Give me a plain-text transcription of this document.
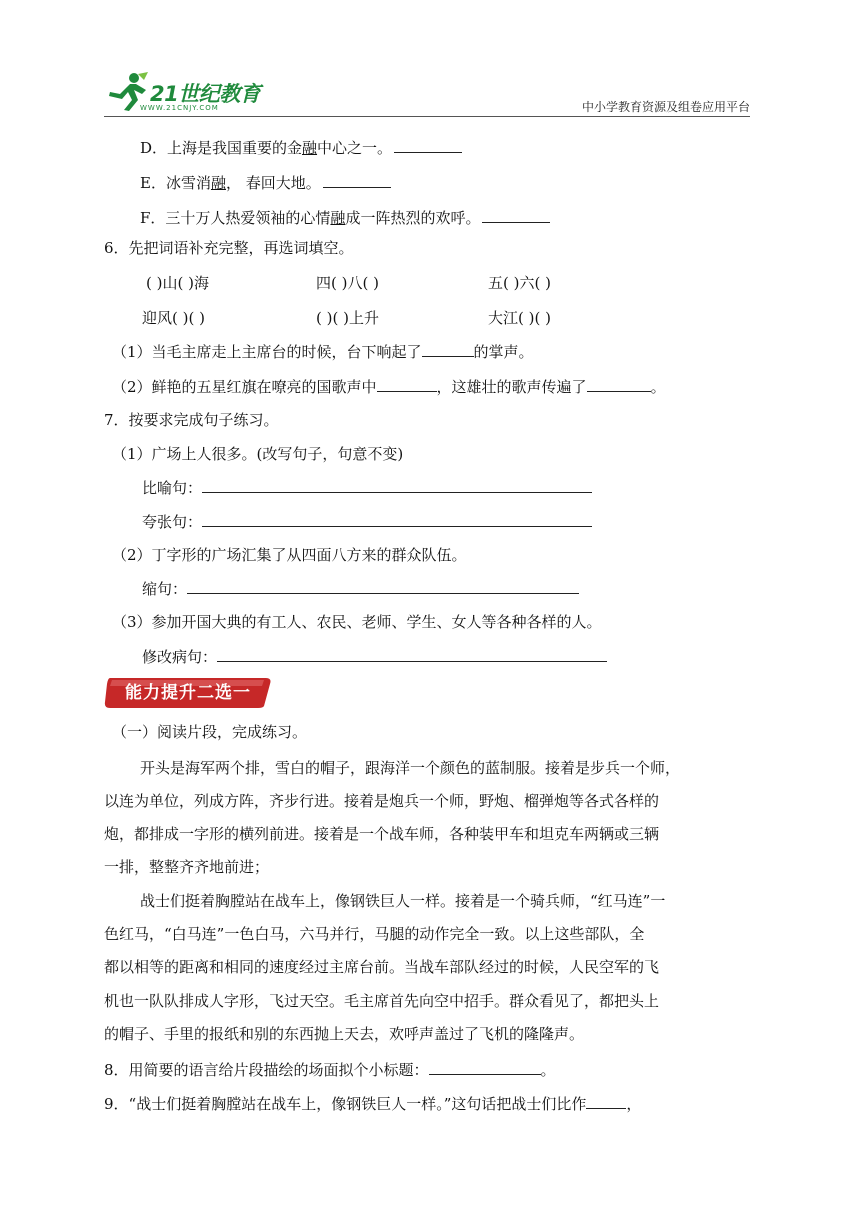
21世纪教育
WWW.21CNJY.COM	中小学教育资源及组卷应用平台
D．上海是我国重要的金融中心之一。
E．冰雪消融， 春回大地。
F．三十万人热爱领袖的心情融成一阵热烈的欢呼。
6．先把词语补充完整，再选词填空。
( )山( )海	四( )八( )	五( )六( )
迎风( )( )	( )( )上升	大江( )( )
（1）当毛主席走上主席台的时候，台下响起了	的掌声。
（2）鲜艳的五星红旗在嘹亮的国歌声中	，这雄壮的歌声传遍了	。
7．按要求完成句子练习。
（1）广场上人很多。(改写句子，句意不变)
比喻句：
夸张句：
（2）丁字形的广场汇集了从四面八方来的群众队伍。
缩句：
（3）参加开国大典的有工人、农民、老师、学生、女人等各种各样的人。
修改病句：
能力提升二选一
（一）阅读片段，完成练习。
开头是海军两个排，雪白的帽子，跟海洋一个颜色的蓝制服。接着是步兵一个师，
以连为单位，列成方阵，齐步行进。接着是炮兵一个师，野炮、榴弹炮等各式各样的
炮，都排成一字形的横列前进。接着是一个战车师，各种装甲车和坦克车两辆或三辆
一排，整整齐齐地前进；
战士们挺着胸膛站在战车上，像钢铁巨人一样。接着是一个骑兵师，“红马连”一
色红马，“白马连”一色白马，六马并行，马腿的动作完全一致。以上这些部队，全
都以相等的距离和相同的速度经过主席台前。当战车部队经过的时候，人民空军的飞
机也一队队排成人字形，飞过天空。毛主席首先向空中招手。群众看见了，都把头上
的帽子、手里的报纸和别的东西抛上天去，欢呼声盖过了飞机的隆隆声。
8．用简要的语言给片段描绘的场面拟个小标题：	。
9．“战士们挺着胸膛站在战车上，像钢铁巨人一样。”这句话把战士们比作	，
